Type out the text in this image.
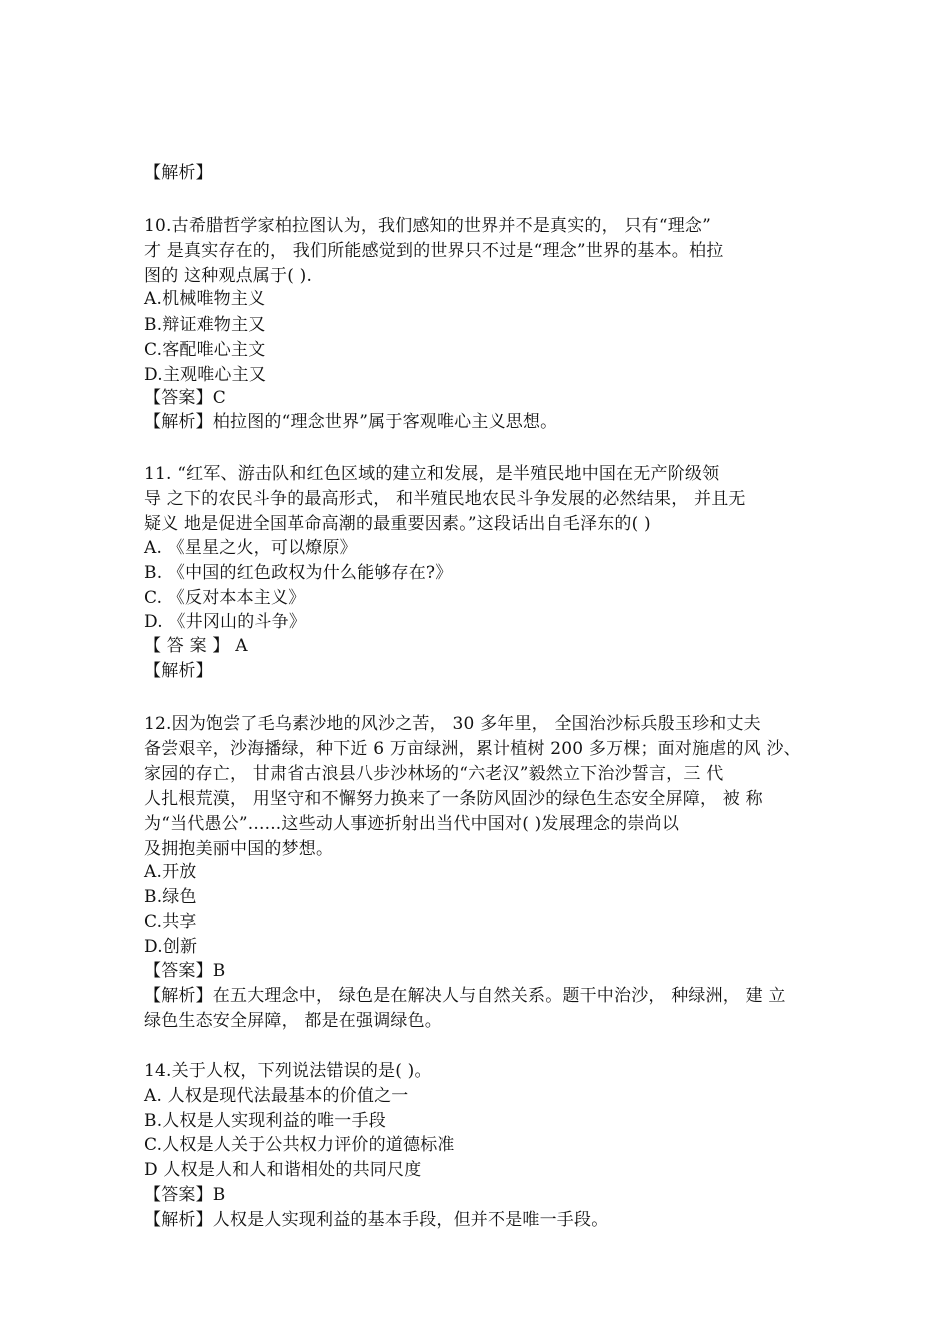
【解析】
10.古希腊哲学家柏拉图认为，我们感知的世界并不是真实的， 只有“理念”
才 是真实存在的， 我们所能感觉到的世界只不过是“理念”世界的基本。柏拉
图的 这种观点属于( ).
A.机械唯物主义
B.辩证难物主又
C.客配唯心主文
D.主观唯心主又
【答案】C
【解析】柏拉图的“理念世界”属于客观唯心主义思想。
11. “红军、游击队和红色区域的建立和发展，是半殖民地中国在无产阶级领
导 之下的农民斗争的最高形式， 和半殖民地农民斗争发展的必然结果， 并且无
疑义 地是促进全国革命高潮的最重要因素。”这段话出自毛泽东的( )
A. 《星星之火，可以燎原》
B. 《中国的红色政权为什么能够存在?》
C. 《反对本本主义》
D. 《井冈山的斗争》
【 答 案 】 A
【解析】
12.因为饱尝了毛乌素沙地的风沙之苦， 30 多年里， 全国治沙标兵殷玉珍和丈夫
备尝艰辛，沙海播绿，种下近 6 万亩绿洲，累计植树 200 多万棵；面对施虐的风 沙、
家园的存亡， 甘肃省古浪县八步沙林场的“六老汉”毅然立下治沙誓言，三 代
人扎根荒漠， 用坚守和不懈努力换来了一条防风固沙的绿色生态安全屏障， 被 称
为“当代愚公”......这些动人事迹折射出当代中国对( )发展理念的崇尚以
及拥抱美丽中国的梦想。
A.开放
B.绿色
C.共享
D.创新
【答案】B
【解析】在五大理念中， 绿色是在解决人与自然关系。题干中治沙， 种绿洲， 建 立
绿色生态安全屏障， 都是在强调绿色。
14.关于人权，下列说法错误的是( )。
A. 人权是现代法最基本的价值之一
B.人权是人实现利益的唯一手段
C.人权是人关于公共权力评价的道德标准
D 人权是人和人和谐相处的共同尺度
【答案】B
【解析】人权是人实现利益的基本手段，但并不是唯一手段。
